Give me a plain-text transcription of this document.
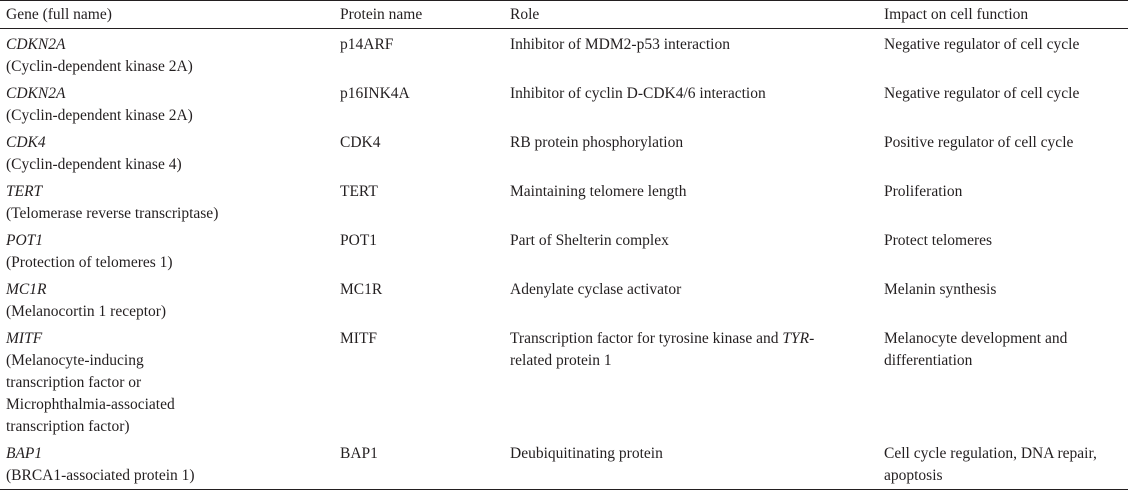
Gene (full name)	Protein name	Role	Impact on cell function

CDKN2A
(Cyclin-dependent kinase 2A)	p14ARF	Inhibitor of MDM2-p53 interaction	Negative regulator of cell cycle

CDKN2A
(Cyclin-dependent kinase 2A)	p16INK4A	Inhibitor of cyclin D-CDK4/6 interaction	Negative regulator of cell cycle

CDK4
(Cyclin-dependent kinase 4)	CDK4	RB protein phosphorylation	Positive regulator of cell cycle

TERT
(Telomerase reverse transcriptase)	TERT	Maintaining telomere length	Proliferation

POT1
(Protection of telomeres 1)	POT1	Part of Shelterin complex	Protect telomeres

MC1R
(Melanocortin 1 receptor)	MC1R	Adenylate cyclase activator	Melanin synthesis

MITF
(Melanocyte-inducing transcription factor or Microphthalmia-associated transcription factor)	MITF	Transcription factor for tyrosine kinase and TYR-related protein 1	Melanocyte development and differentiation

BAP1
(BRCA1-associated protein 1)	BAP1	Deubiquitinating protein	Cell cycle regulation, DNA repair, apoptosis
